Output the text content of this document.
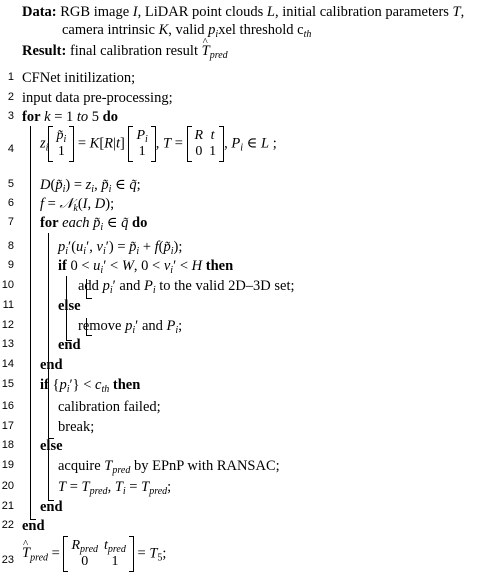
Data: RGB image I, LiDAR point clouds L, initial calibration parameters T,
camera intrinsic K, valid $p_ixel$ threshold $c_{th}$
Result: final calibration result ^ $T_{pred}$
1 CFNet initilization;
2 input data pre-processing;
3 for k = 1 to 5 do
4
5 $D(p̃_i) = z_i$, $p̃_i$ ∈ q̃;
6 f = 𝒩$_k$(I, D);
7 for each $p̃_i$ ∈ q̃ do
8	$p_i'(u_i'$, $v_i'$) = $p̃_i$ + $f(p̃_i)$;
9	if $0 < u_i' < W$, $0 < v_i' < H$ then
10	add $p_i'$ and $P_i$ to the valid 2D–3D set;
11	else
12	remove $p_i'$ and $P_i$;
13	end
14 end
15 if $\{p_i'\} < c_{th}$ then
16	calibration failed;
17	break;
18 else
19	acquire $T_{pred}$ by EPnP with RANSAC;
20	$T = T_{pred}$, $T_i = T_{pred}$;
21 end
22 end
23
$z_i$
$p̃_i$
1
= K[R|t] $P_i$
1
, T = R	t
0	1
, $P_i$ ∈ L ;
^ $T_{pred} = R_{pred}$	$t_{pred}$
0	1
= $T_5$;
